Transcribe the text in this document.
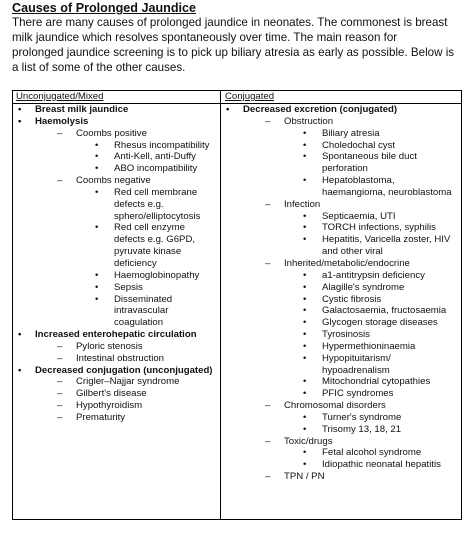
Causes of Prolonged Jaundice
There are many causes of prolonged jaundice in neonates. The commonest is breast
milk jaundice which resolves spontaneously over time. The main reason for
prolonged jaundice screening is to pick up biliary atresia as early as possible. Below is
a list of some of the other causes.
Unconjugated/Mixed	Conjugated
• Breast milk jaundice
• Haemolysis
– Coombs positive
• Rhesus incompatibility
• Anti-Kell, anti-Duffy
• ABO incompatibility
– Coombs negative
• Red cell membrane
defects e.g.
sphero/elliptocytosis
• Red cell enzyme
defects e.g. G6PD,
pyruvate kinase
deficiency
• Haemoglobinopathy
• Sepsis
• Disseminated
intravascular
coagulation
• Increased enterohepatic circulation
– Pyloric stenosis
– Intestinal obstruction
• Decreased conjugation (unconjugated)
– Crigler–Najjar syndrome
– Gilbert's disease
– Hypothyroidism
– Prematurity
• Decreased excretion (conjugated)
– Obstruction
• Biliary atresia
• Choledochal cyst
• Spontaneous bile duct
perforation
• Hepatoblastoma,
haemangioma, neuroblastoma
– Infection
• Septicaemia, UTI
• TORCH infections, syphilis
• Hepatitis, Varicella zoster, HIV
and other viral
– Inherited/metabolic/endocrine
• a1-antitrypsin deficiency
• Alagille's syndrome
• Cystic fibrosis
• Galactosaemia, fructosaemia
• Glycogen storage diseases
• Tyrosinosis
• Hypermethioninaemia
• Hypopituitarism/
hypoadrenalism
• Mitochondrial cytopathies
• PFIC syndromes
– Chromosomal disorders
• Turner's syndrome
• Trisomy 13, 18, 21
– Toxic/drugs
• Fetal alcohol syndrome
• Idiopathic neonatal hepatitis
– TPN / PN
